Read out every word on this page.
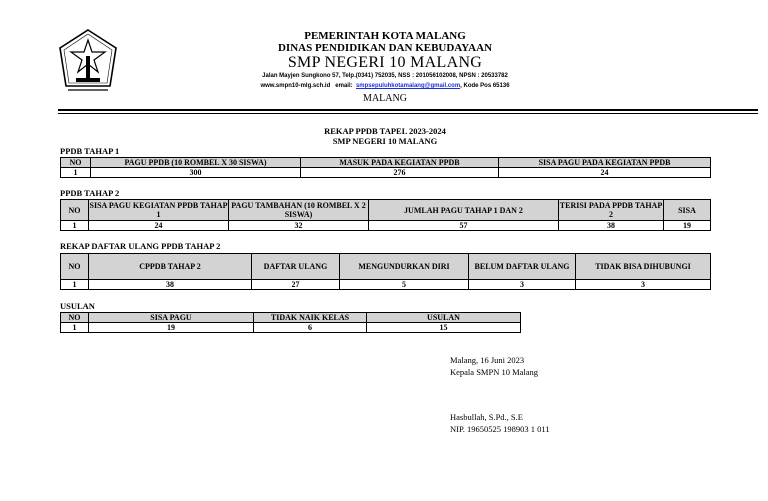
PEMERINTAH KOTA MALANG
DINAS PENDIDIKAN DAN KEBUDAYAAN
SMP NEGERI 10 MALANG
Jalan Mayjen Sungkono 57, Telp.(0341) 752035, NSS : 201056102008, NPSN : 20533782
www.smpn10-mlg.sch.id email: smpsepuluhkotamalang@gmail.com, Kode Pos 65136
MALANG
REKAP PPDB TAPEL 2023-2024
SMP NEGERI 10 MALANG
PPDB TAHAP 1
NO	PAGU PPDB (10 ROMBEL X 30 SISWA)	MASUK PADA KEGIATAN PPDB	SISA PAGU PADA KEGIATAN PPDB
1	300	276	24
PPDB TAHAP 2
NO	SISA PAGU KEGIATAN PPDB TAHAP 1	PAGU TAMBAHAN (10 ROMBEL X 2 SISWA)	JUMLAH PAGU TAHAP 1 DAN 2	TERISI PADA PPDB TAHAP 2	SISA
1	24	32	57	38	19
REKAP DAFTAR ULANG PPDB TAHAP 2
NO	CPPDB TAHAP 2	DAFTAR ULANG	MENGUNDURKAN DIRI	BELUM DAFTAR ULANG	TIDAK BISA DIHUBUNGI
1	38	27	5	3	3
USULAN
NO	SISA PAGU	TIDAK NAIK KELAS	USULAN
1	19	6	15
Malang, 16 Juni 2023
Kepala SMPN 10 Malang
Hasbullah, S.Pd., S.E
NIP. 19650525 198903 1 011
